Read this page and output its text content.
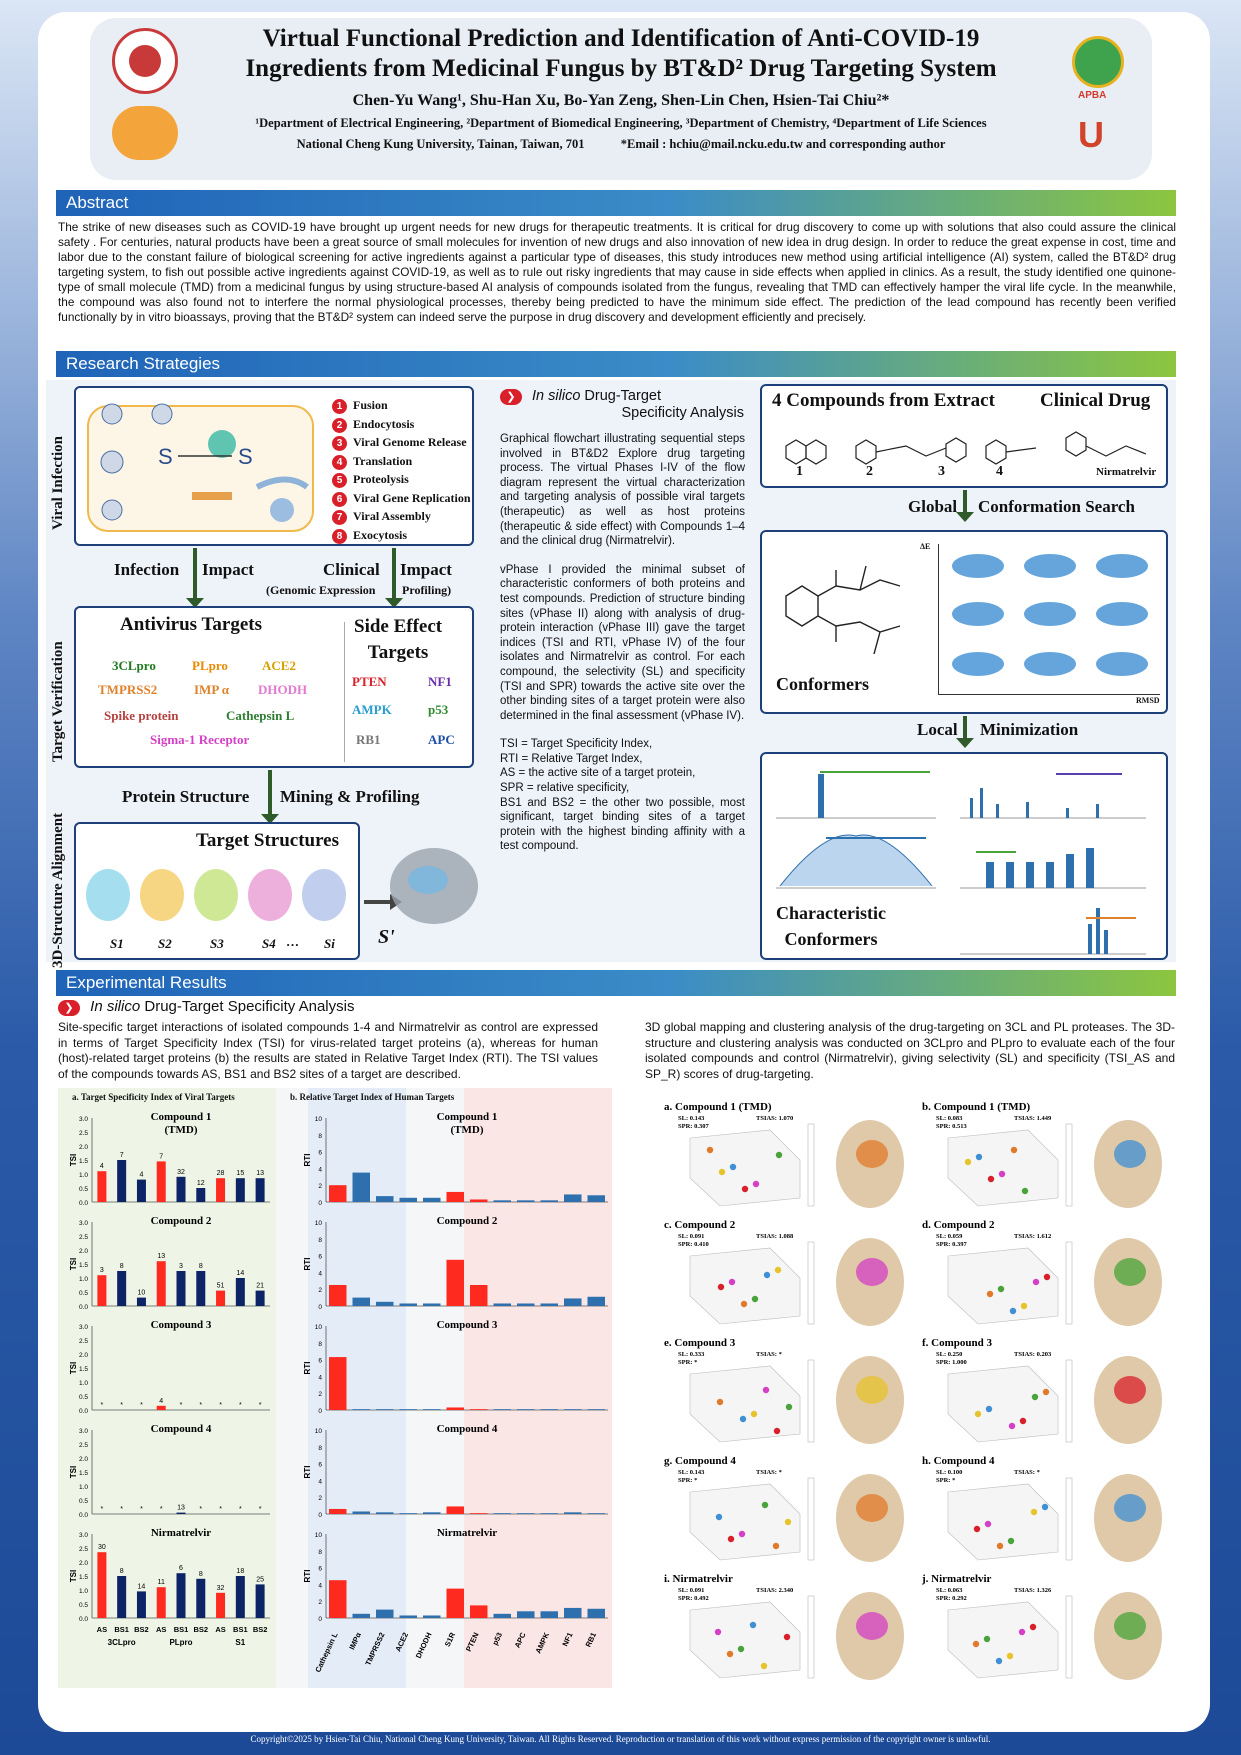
Virtual Functional Prediction and Identification of Anti-COVID-19
Ingredients from Medicinal Fungus by BT&D² Drug Targeting System
Chen-Yu Wang¹, Shu-Han Xu, Bo-Yan Zeng, Shen-Lin Chen, Hsien-Tai Chiu²*
¹Department of Electrical Engineering, ²Department of Biomedical Engineering, ³Department of Chemistry, ⁴Department of Life Sciences
National Cheng Kung University, Tainan, Taiwan, 701	*Email : hchiu@mail.ncku.edu.tw and corresponding author
APBA
U
Abstract
The strike of new diseases such as COVID-19 have brought up urgent needs for new drugs for therapeutic treatments. It is critical for drug discovery to come up with solutions that also could assure the clinical safety . For centuries, natural products have been a great source of small molecules for invention of new drugs and also innovation of new idea in drug design. In order to reduce the great expense in cost, time and labor due to the constant failure of biological screening for active ingredients against a particular type of diseases, this study introduces new method using artificial intelligence (AI) system, called the BT&D² drug targeting system, to fish out possible active ingredients against COVID-19, as well as to rule out risky ingredients that may cause in side effects when applied in clinics. As a result, the study identified one quinone-type of small molecule (TMD) from a medicinal fungus by using structure-based AI analysis of compounds isolated from the fungus, revealing that TMD can effectively hamper the viral life cycle. In the meanwhile, the compound was also found not to interfere the normal physiological processes, thereby being predicted to have the minimum side effect. The prediction of the lead compound has recently been verified functionally by in vitro bioassays, proving that the BT&D² system can indeed serve the purpose in drug discovery and development efficiently and precisely.
Research Strategies
Viral Infection
Target Verification
3D-Structure Alignment
S	S
1 Fusion
2 Endocytosis
3 Viral Genome Release
4 Translation
5 Proteolysis
6 Viral Gene Replication
7 Viral Assembly
8 Exocytosis
Infection Impact	Clinical Impact
(Genomic Expression Profiling)
Antivirus Targets	Side Effect
Targets
3CLpro	PLpro	ACE2
TMPRSS2	IMP α DHODH
Spike protein	Cathepsin L
Sigma-1 Receptor
PTEN	NF1
AMPK	p53
RB1	APC
Protein Structure Mining & Profiling
Target Structures
S1	S2	S3	S4 … Si S'
❯ In silico Drug-Target
Specificity Analysis

Graphical flowchart illustrating sequential steps involved in BT&D2 Explore drug targeting process. The virtual Phases I-IV of the flow diagram represent the virtual characterization and targeting analysis of possible viral targets (therapeutic) as well as host proteins (therapeutic & side effect) with Compounds 1–4 and the clinical drug (Nirmatrelvir).

vPhase I provided the minimal subset of characteristic conformers of both proteins and test compounds. Prediction of structure binding sites (vPhase II) along with analysis of drug-protein interaction (vPhase III) gave the target indices (TSI and RTI, vPhase IV) of the four isolates and Nirmatrelvir as control. For each compound, the selectivity (SL) and specificity (TSI and SPR) towards the active site over the other binding sites of a target protein were also determined in the final assessment (vPhase IV).

TSI = Target Specificity Index,
RTI = Relative Target Index,
AS = the active site of a target protein,
SPR = relative specificity,
BS1 and BS2 = the other two possible, most significant, target binding sites of a target protein with the highest binding affinity with a test compound.
4 Compounds from Extract Clinical Drug
1	2	3	4	Nirmatrelvir
Global Conformation Search
Conformers
ΔE
RMSD
Local Minimization
Characteristic
Conformers
Experimental Results
❯ In silico Drug-Target Specificity Analysis
Site-specific target interactions of isolated compounds 1-4 and Nirmatrelvir as control are expressed in terms of Target Specificity Index (TSI) for virus-related target proteins (a), whereas for human (host)-related target proteins (b) the results are stated in Relative Target Index (RTI). The TSI values of the compounds towards AS, BS1 and BS2 sites of a target are described.
3D global mapping and clustering analysis of the drug-targeting on 3CL and PL proteases. The 3D-structure and clustering analysis was conducted on 3CLpro and PLpro to evaluate each of the four isolated compounds and control (Nirmatrelvir), giving selectivity (SL) and specificity (TSI_AS and SP_R) scores of drug-targeting.
a. Target Specificity Index of Viral Targets	b. Relative Target Index of Human Targets
3.0
2.5
2.0
1.5
1.0
0.5
0.0
TSI
Compound 1
(TMD)
4
7
4
7
32
12
28 15 13
10
8
6
4
2
0
RTI
Compound 1
(TMD)
3.0
2.5
2.0
1.5
1.0
0.5
0.0
TSI
Compound 2
3
8
10
13
3 8
51
14
21
10
8
6
4
2
0
RTI
Compound 2
3.0
2.5
2.0
1.5
1.0
0.5
0.0
TSI
Compound 3
* * *
4
* * * * *
10
8
6
4
2
0
RTI
Compound 3
3.0
2.5
2.0
1.5
1.0
0.5
0.0
TSI
Compound 4
* * * * 13 * * * *
10
8
6
4
2
0
RTI
Compound 4
3.0
2.5
2.0
1.5
1.0
0.5
0.0
TSI
Nirmatrelvir
30
8
14
11
6
8
32
18
25
10
8
6
4
2
0
RTI
Nirmatrelvir
AS BS1 BS2 AS BS1 BS2 AS BS1 BS2
3CLpro	PLpro	S1	Cathepsin L IMPα TMPRSS2 ACE2 DHODH S1R PTEN p53 APC AMPK NF1 RB1
a. Compound 1 (TMD)
SL: 0.143
SPR: 0.307
TSIAS: 1.070
b. Compound 1 (TMD)
SL: 0.083
SPR: 0.513
TSIAS: 1.449
c. Compound 2
SL: 0.091
SPR: 0.410
TSIAS: 1.088
d. Compound 2
SL: 0.059
SPR: 0.397
TSIAS: 1.612
e. Compound 3
SL: 0.333
SPR: *
TSIAS: *
f. Compound 3
SL: 0.250
SPR: 1.000
TSIAS: 0.203
g. Compound 4
SL: 0.143
SPR: *
TSIAS: *
h. Compound 4
SL: 0.100
SPR: *
TSIAS: *
i. Nirmatrelvir
SL: 0.091
SPR: 0.492
TSIAS: 2.340
j. Nirmatrelvir
SL: 0.063
SPR: 0.292
TSIAS: 1.326
版權所有．翻印必究．本內容受著作權法之保護．非經授權許可不得以影印轉載等方法進行重製．亦不得改作為著作內容．更不得自行利用或以任何方式使第三人利用本內容發表或申請發明人之研發成果及技術秘密．
Copyright©2025 by Hsien-Tai Chiu, National Cheng Kung University, Taiwan. All Rights Reserved. Reproduction or translation of this work without express permission of the copyright owner is unlawful.
